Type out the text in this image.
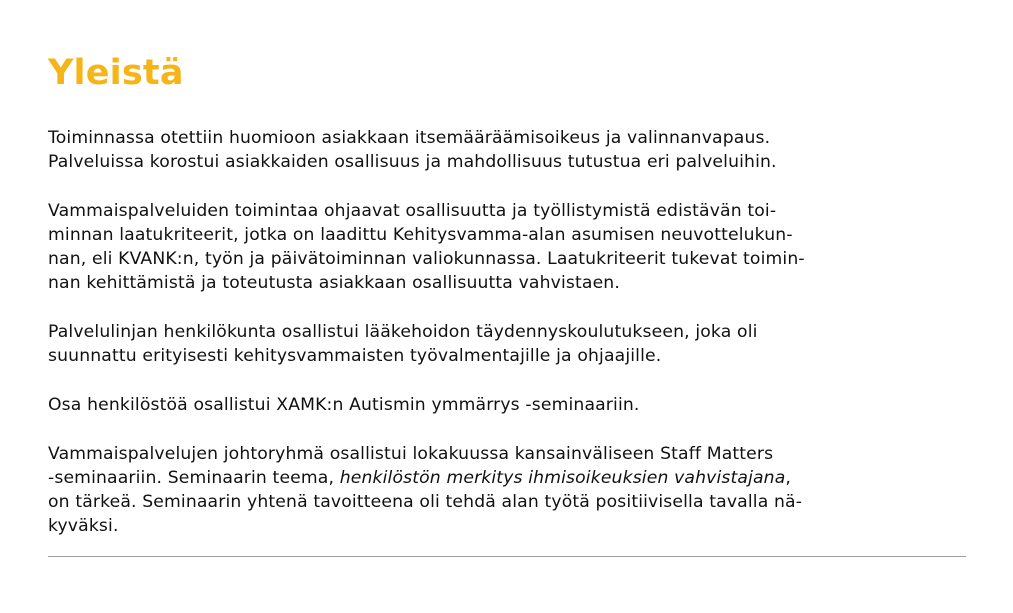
Yleistä

Toiminnassa otettiin huomioon asiakkaan itsemääräämisoikeus ja valinnanvapaus.
Palveluissa korostui asiakkaiden osallisuus ja mahdollisuus tutustua eri palveluihin.

Vammaispalveluiden toimintaa ohjaavat osallisuutta ja työllistymistä edistävän toi-
minnan laatukriteerit, jotka on laadittu Kehitysvamma-alan asumisen neuvottelukun-
nan, eli KVANK:n, työn ja päivätoiminnan valiokunnassa. Laatukriteerit tukevat toimin-
nan kehittämistä ja toteutusta asiakkaan osallisuutta vahvistaen.

Palvelulinjan henkilökunta osallistui lääkehoidon täydennyskoulutukseen, joka oli
suunnattu erityisesti kehitysvammaisten työvalmentajille ja ohjaajille.

Osa henkilöstöä osallistui XAMK:n Autismin ymmärrys -seminaariin.

Vammaispalvelujen johtoryhmä osallistui lokakuussa kansainväliseen Staff Matters
-seminaariin. Seminaarin teema, henkilöstön merkitys ihmisoikeuksien vahvistajana,
on tärkeä. Seminaarin yhtenä tavoitteena oli tehdä alan työtä positiivisella tavalla nä-
kyväksi.
